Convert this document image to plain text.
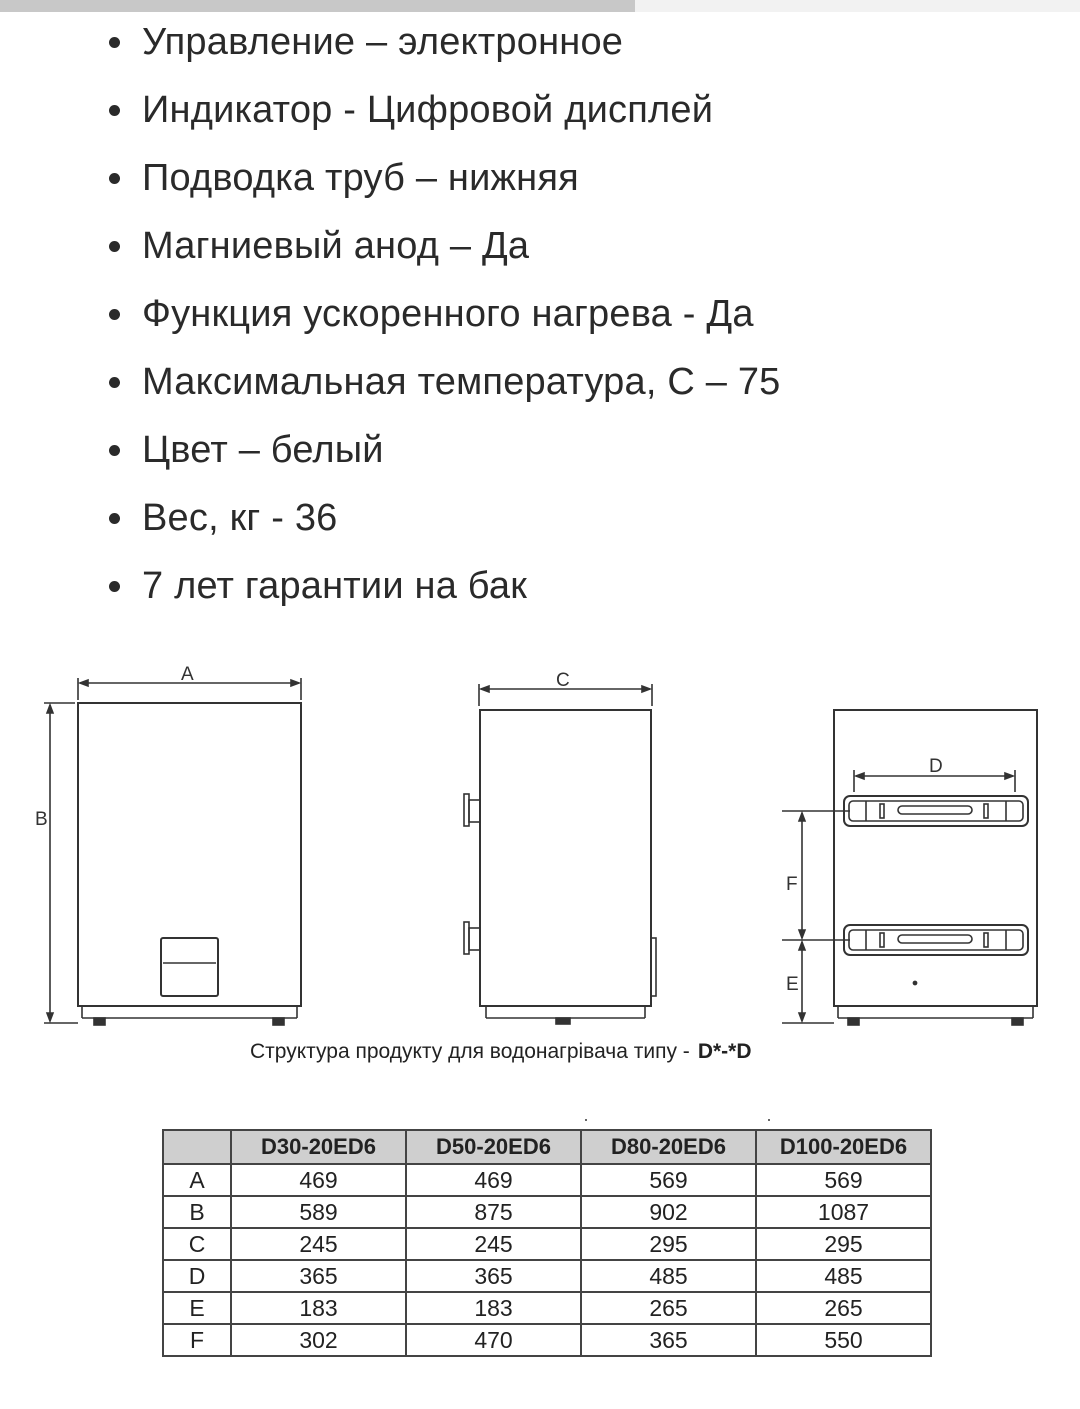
Управление – электронное
Индикатор - Цифровой дисплей
Подводка труб – нижняя
Магниевый анод – Да
Функция ускоренного нагрева - Да
Максимальная температура, С – 75
Цвет – белый
Вес, кг - 36
7 лет гарантии на бак
A
B
C
D
F
E
Структура продукту для водонагрівача типу - D*-*D
	D30-20ED6	D50-20ED6	D80-20ED6	D100-20ED6
A	469	469	569	569
B	589	875	902	1087
C	245	245	295	295
D	365	365	485	485
E	183	183	265	265
F	302	470	365	550
